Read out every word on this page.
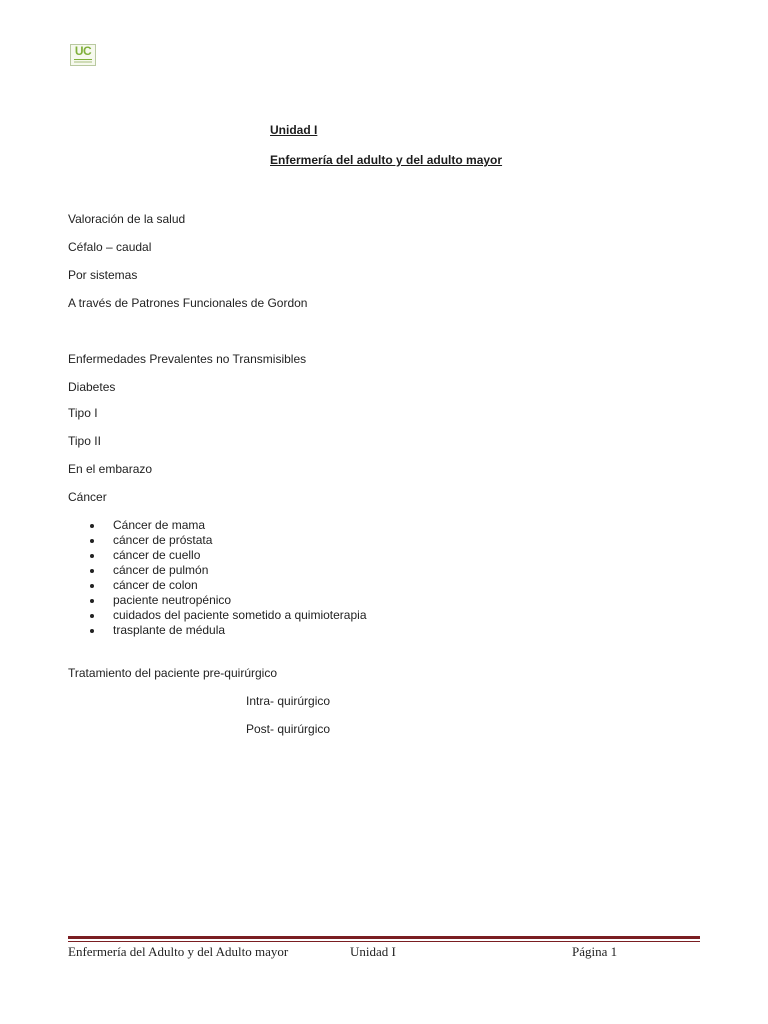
UC
Unidad I
Enfermería del adulto y del adulto mayor
Valoración de la salud
Céfalo – caudal
Por sistemas
A través de Patrones Funcionales de Gordon
Enfermedades Prevalentes no Transmisibles
Diabetes
Tipo I
Tipo II
En el embarazo
Cáncer
Cáncer de mama
cáncer de próstata
cáncer de cuello
cáncer de pulmón
cáncer de colon
paciente neutropénico
cuidados del paciente sometido a quimioterapia
trasplante de médula
Tratamiento del paciente pre-quirúrgico
Intra- quirúrgico
Post- quirúrgico
Enfermería del Adulto y del Adulto mayor	Unidad I	Página 1
